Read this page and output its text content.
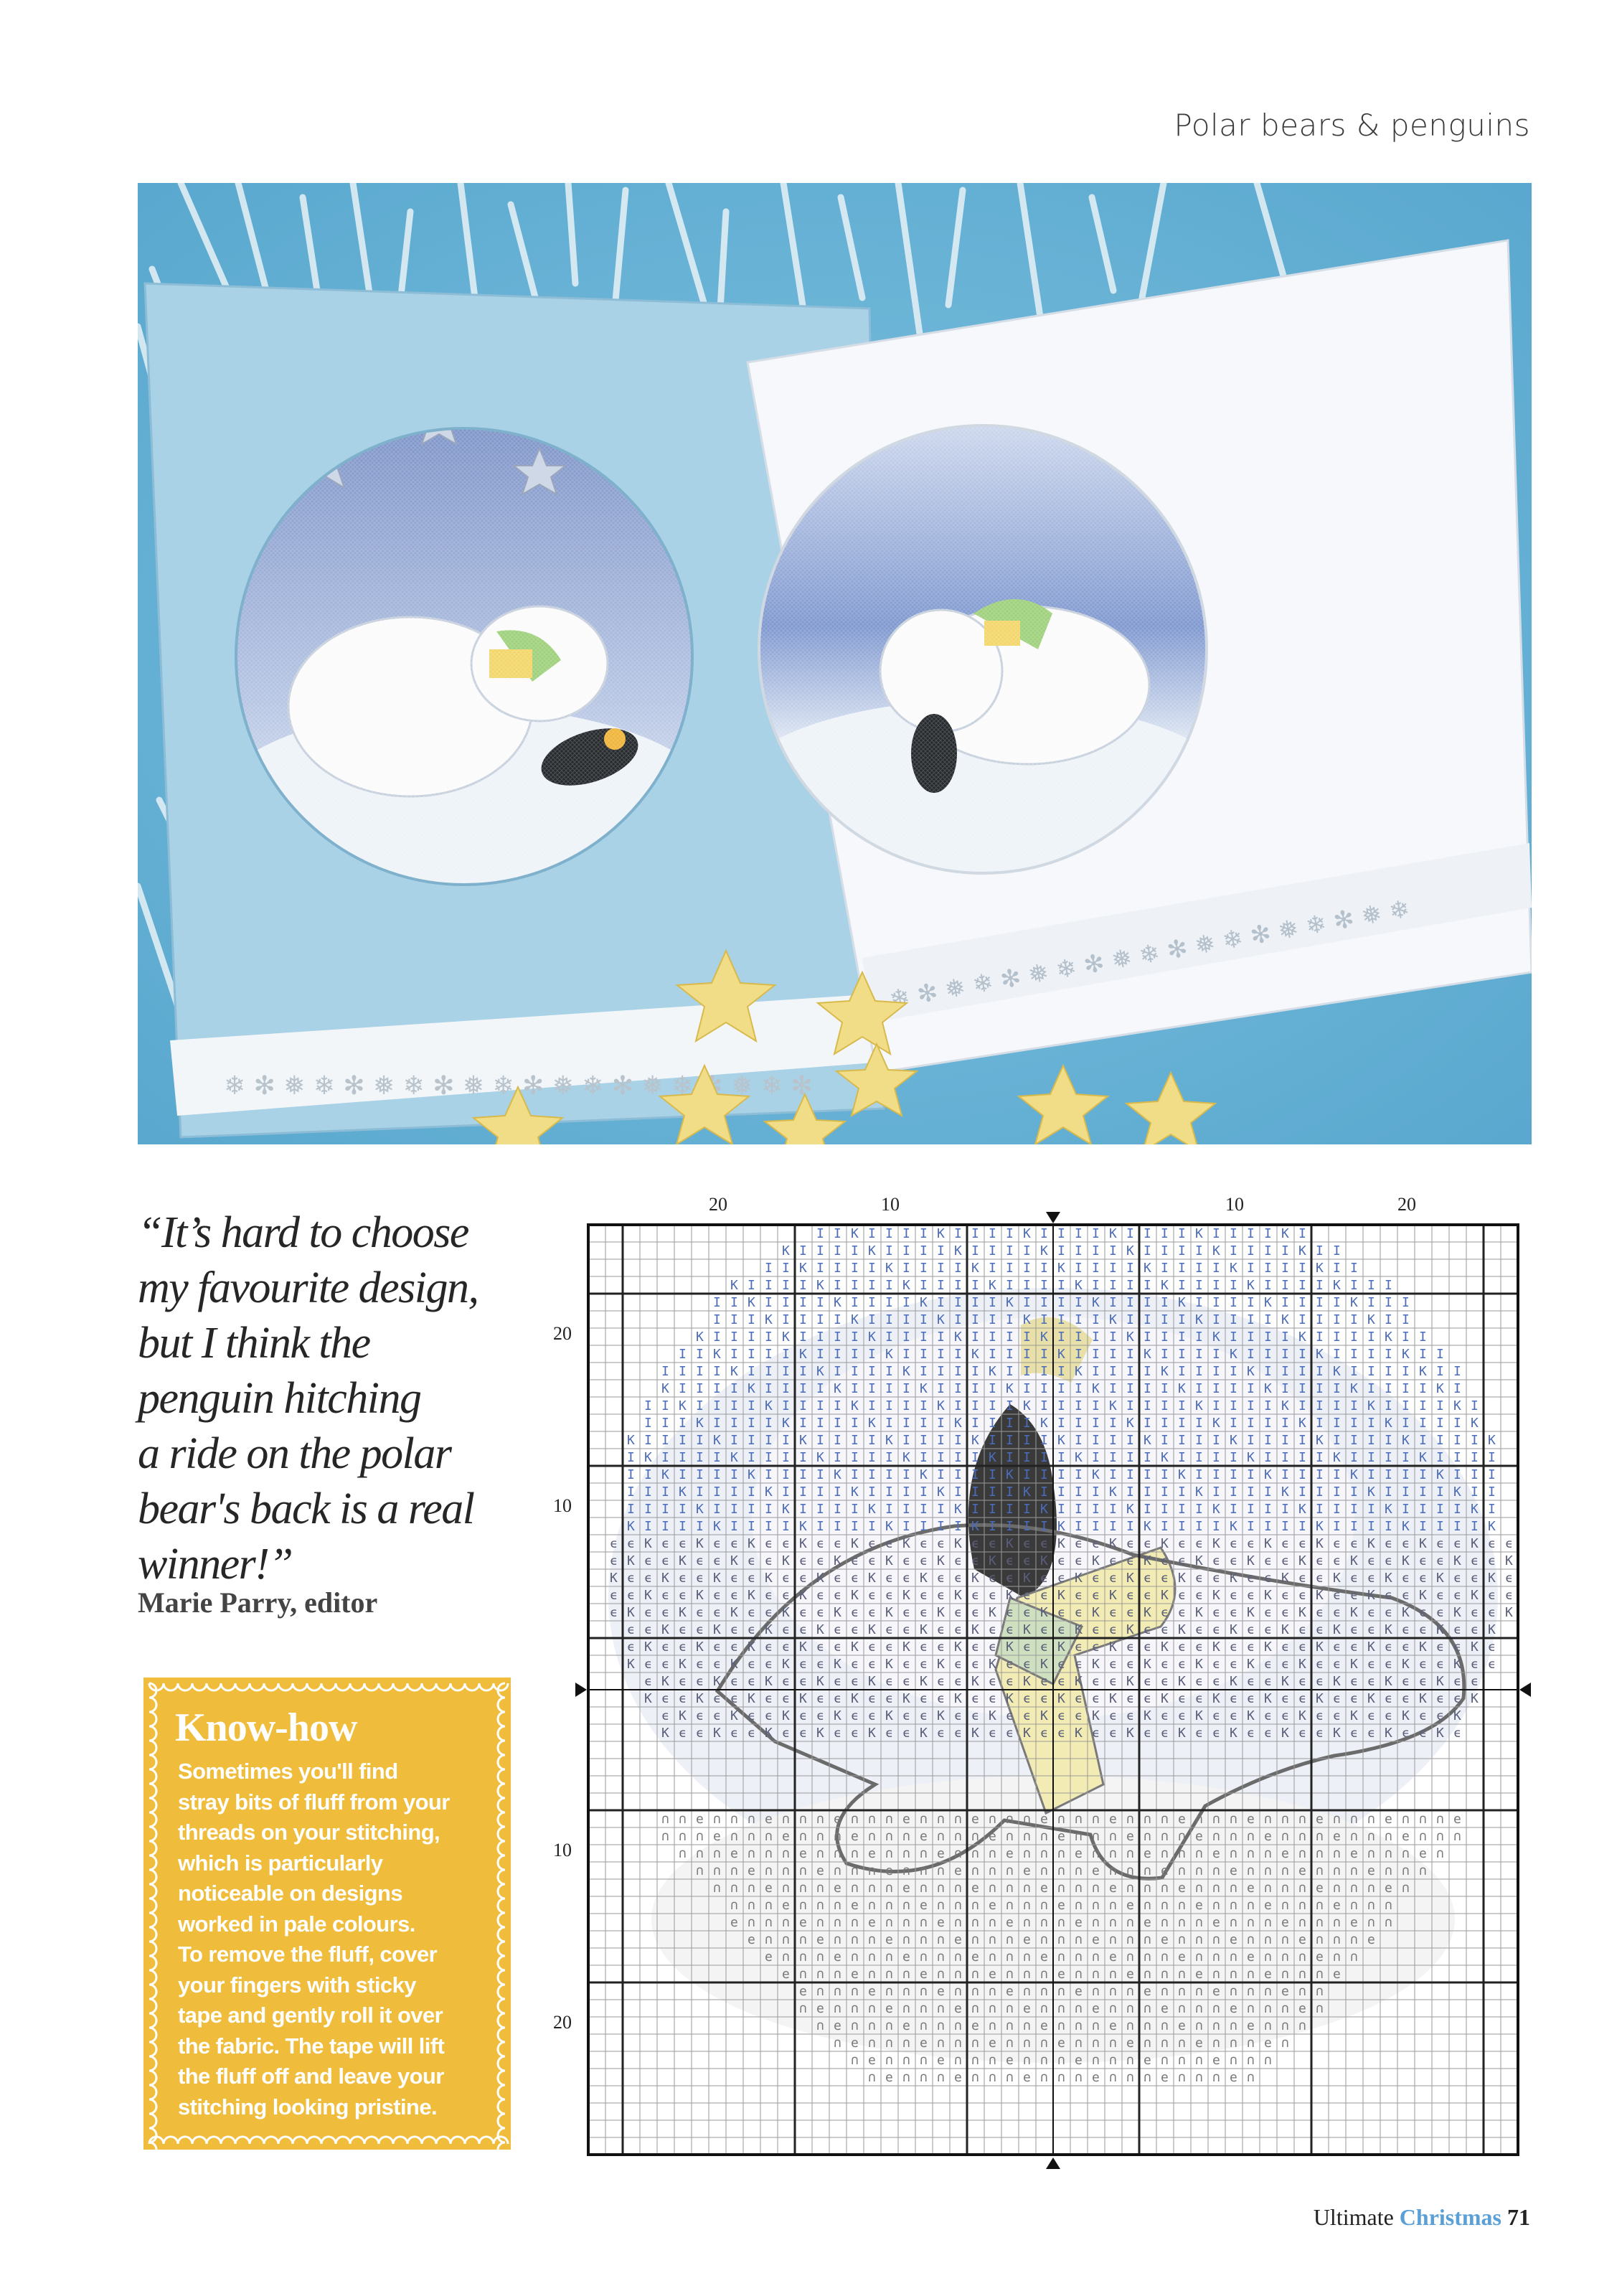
Polar bears & penguins
❄ ✻ ❅ ❄ ✻ ❅ ❄ ✻ ❅ ❄ ✻ ❅ ❄ ✻ ❅ ❄ ❅ ❄ ✻
❄ ✻ ❅ ❄ ✻ ❅ ❄ ✻ ❅ ❄ ✻ ❅ ❄ ✻ ❅ ❄ ✻ ❅ ❄
“It’s hard to choose
my favourite design,
but I think the
penguin hitching
a ride on the polar
bear's back is a real
winner!”
Marie Parry, editor
Know-how
Sometimes you'll find
stray bits of fluff from your
threads on your stitching,
which is particularly
noticeable on designs
worked in pale colours.
To remove the fluff, cover
your fingers with sticky
tape and gently roll it over
the fabric. The tape will lift
the fluff off and leave your
stitching looking pristine.
I I K I I I I K I I I I K I I I I K I I I I K I I I I K I
K I I I I K I I I I K I I I I K I I I I K I I I I K I I I I K I I
I I K I I I I K I I I I K I I I I K I I I I K I I I I K I I I I K I I
K I I I I K I I I I K I I I I K I I I I K I I I I K I I I I K I I I I K I I I
I I K I I I I K I I I I K I I I I K I I I I K I I I I K I I I I K I I I I K I I I
I I I K I I I I K I I I I K I I I I K I I I I K I I I I K I I I I K I I I I K I I
K I I I I K I I I I K I I I I K I I I I K I I I I K I I I I K I I I I K I I I I K I I
I I K I I I I K I I I I K I I I I K I I I I K I I I I K I I I I K I I I I K I I I I K I I
I I I I K I I I I K I I I I K I I I I K I I I I K I I I I K I I I I K I I I I K I I I I K I I
K I I I I K I I I I K I I I I K I I I I K I I I I K I I I I K I I I I K I I I I K I I I I K I
I I K I I I I K I I I I K I I I I K I I I I K I I I I K I I I I K I I I I K I I I I K I I I I K I
I I I K I I I I K I I I I K I I I I K I I I I K I I I I K I I I I K I I I I K I I I I K I I I I K
K I I I I K I I I I K I I I I K I I I I K I I I I K I I I I K I I I I K I I I I K I I I I K I I I I K
I K I I I I K I I I I K I I I I K I I I I K I I I I K I I I I K I I I I K I I I I K I I I I K I I I I
I I K I I I I K I I I I K I I I I K I I I I K I I I I K I I I I K I I I I K I I I I K I I I I K I I I
I I I K I I I I K I I I I K I I I I K I I I I K I I I I K I I I I K I I I I K I I I I K I I I I K I I
I I I I K I I I I K I I I I K I I I I K I I I I K I I I I K I I I I K I I I I K I I I I K I I I I K I
K I I I I K I I I I K I I I I K I I I I K I I I I K I I I I K I I I I K I I I I K I I I I K I I I I K
ϵ ϵ K ϵ ϵ K ϵ ϵ K ϵ ϵ K ϵ ϵ K ϵ ϵ K ϵ ϵ K ϵ ϵ K ϵ ϵ K ϵ ϵ K ϵ ϵ K ϵ ϵ K ϵ ϵ K ϵ ϵ K ϵ ϵ K ϵ ϵ K ϵ ϵ K ϵ ϵ
ϵ K ϵ ϵ K ϵ ϵ K ϵ ϵ K ϵ ϵ K ϵ ϵ K ϵ ϵ K ϵ ϵ K ϵ ϵ K ϵ ϵ K ϵ ϵ K ϵ ϵ K ϵ ϵ K ϵ ϵ K ϵ ϵ K ϵ ϵ K ϵ ϵ K ϵ ϵ K
K ϵ ϵ K ϵ ϵ K ϵ ϵ K ϵ ϵ K ϵ ϵ K ϵ ϵ K ϵ ϵ K ϵ ϵ K ϵ ϵ K ϵ ϵ K ϵ ϵ K ϵ ϵ K ϵ ϵ K ϵ ϵ K ϵ ϵ K ϵ ϵ K ϵ ϵ K ϵ
ϵ ϵ K ϵ ϵ K ϵ ϵ K ϵ ϵ K ϵ ϵ K ϵ ϵ K ϵ ϵ K ϵ ϵ K ϵ ϵ K ϵ ϵ K ϵ ϵ K ϵ ϵ K ϵ ϵ K ϵ ϵ K ϵ ϵ K ϵ ϵ K ϵ ϵ K ϵ ϵ
ϵ K ϵ ϵ K ϵ ϵ K ϵ ϵ K ϵ ϵ K ϵ ϵ K ϵ ϵ K ϵ ϵ K ϵ ϵ K ϵ ϵ K ϵ ϵ K ϵ ϵ K ϵ ϵ K ϵ ϵ K ϵ ϵ K ϵ ϵ K ϵ ϵ K ϵ ϵ K
ϵ ϵ K ϵ ϵ K ϵ ϵ K ϵ ϵ K ϵ ϵ K ϵ ϵ K ϵ ϵ K ϵ ϵ K ϵ ϵ K ϵ ϵ K ϵ ϵ K ϵ ϵ K ϵ ϵ K ϵ ϵ K ϵ ϵ K ϵ ϵ K ϵ ϵ K
ϵ K ϵ ϵ K ϵ ϵ K ϵ ϵ K ϵ ϵ K ϵ ϵ K ϵ ϵ K ϵ ϵ K ϵ ϵ K ϵ ϵ K ϵ ϵ K ϵ ϵ K ϵ ϵ K ϵ ϵ K ϵ ϵ K ϵ ϵ K ϵ ϵ K ϵ
K ϵ ϵ K ϵ ϵ K ϵ ϵ K ϵ ϵ K ϵ ϵ K ϵ ϵ K ϵ ϵ K ϵ ϵ K ϵ ϵ K ϵ ϵ K ϵ ϵ K ϵ ϵ K ϵ ϵ K ϵ ϵ K ϵ ϵ K ϵ ϵ K ϵ ϵ
ϵ K ϵ ϵ K ϵ ϵ K ϵ ϵ K ϵ ϵ K ϵ ϵ K ϵ ϵ K ϵ ϵ K ϵ ϵ K ϵ ϵ K ϵ ϵ K ϵ ϵ K ϵ ϵ K ϵ ϵ K ϵ ϵ K ϵ ϵ K ϵ ϵ
K ϵ ϵ K ϵ ϵ K ϵ ϵ K ϵ ϵ K ϵ ϵ K ϵ ϵ K ϵ ϵ K ϵ ϵ K ϵ ϵ K ϵ ϵ K ϵ ϵ K ϵ ϵ K ϵ ϵ K ϵ ϵ K ϵ ϵ K ϵ ϵ K
ϵ K ϵ ϵ K ϵ ϵ K ϵ ϵ K ϵ ϵ K ϵ ϵ K ϵ ϵ K ϵ ϵ K ϵ ϵ K ϵ ϵ K ϵ ϵ K ϵ ϵ K ϵ ϵ K ϵ ϵ K ϵ ϵ K ϵ ϵ K
K ϵ ϵ K ϵ ϵ K ϵ ϵ K ϵ ϵ K ϵ ϵ K ϵ ϵ K ϵ ϵ K ϵ ϵ K ϵ ϵ K ϵ ϵ K ϵ ϵ K ϵ ϵ K ϵ ϵ K ϵ ϵ K ϵ ϵ K ϵ
∩ ∩ e ∩ ∩ ∩ e ∩ ∩ ∩ e ∩ ∩ ∩ e ∩ ∩ ∩ e ∩ ∩ ∩ e ∩ ∩ ∩ e ∩ ∩ ∩ e ∩ ∩ ∩ e ∩ ∩ ∩ e ∩ ∩ ∩ e ∩ ∩ ∩ e
∩ ∩ ∩ e ∩ ∩ ∩ e ∩ ∩ ∩ e ∩ ∩ ∩ e ∩ ∩ ∩ e ∩ ∩ ∩ e ∩ ∩ ∩ e ∩ ∩ ∩ e ∩ ∩ ∩ e ∩ ∩ ∩ e ∩ ∩ ∩ e ∩ ∩ ∩
∩ ∩ ∩ e ∩ ∩ ∩ e ∩ ∩ ∩ e ∩ ∩ ∩ e ∩ ∩ ∩ e ∩ ∩ ∩ e ∩ ∩ ∩ e ∩ ∩ ∩ e ∩ ∩ ∩ e ∩ ∩ ∩ e ∩ ∩ ∩ e ∩
∩ ∩ ∩ e ∩ ∩ ∩ e ∩ ∩ ∩ e ∩ ∩ ∩ e ∩ ∩ ∩ e ∩ ∩ ∩ e ∩ ∩ ∩ e ∩ ∩ ∩ e ∩ ∩ ∩ e ∩ ∩ ∩ e ∩ ∩ ∩
∩ ∩ ∩ e ∩ ∩ ∩ e ∩ ∩ ∩ e ∩ ∩ ∩ e ∩ ∩ ∩ e ∩ ∩ ∩ e ∩ ∩ ∩ e ∩ ∩ ∩ e ∩ ∩ ∩ e ∩ ∩ ∩ e ∩
∩ ∩ ∩ e ∩ ∩ ∩ e ∩ ∩ ∩ e ∩ ∩ ∩ e ∩ ∩ ∩ e ∩ ∩ ∩ e ∩ ∩ ∩ e ∩ ∩ ∩ e ∩ ∩ ∩ e ∩ ∩ ∩
e ∩ ∩ ∩ e ∩ ∩ ∩ e ∩ ∩ ∩ e ∩ ∩ ∩ e ∩ ∩ ∩ e ∩ ∩ ∩ e ∩ ∩ ∩ e ∩ ∩ ∩ e ∩ ∩ ∩ e ∩ ∩
e ∩ ∩ ∩ e ∩ ∩ ∩ e ∩ ∩ ∩ e ∩ ∩ ∩ e ∩ ∩ ∩ e ∩ ∩ ∩ e ∩ ∩ ∩ e ∩ ∩ ∩ e ∩ ∩ ∩ e
e ∩ ∩ ∩ e ∩ ∩ ∩ e ∩ ∩ ∩ e ∩ ∩ ∩ e ∩ ∩ ∩ e ∩ ∩ ∩ e ∩ ∩ ∩ e ∩ ∩ ∩ e ∩ ∩
e ∩ ∩ ∩ e ∩ ∩ ∩ e ∩ ∩ ∩ e ∩ ∩ ∩ e ∩ ∩ ∩ e ∩ ∩ ∩ e ∩ ∩ ∩ e ∩ ∩ ∩ e
e ∩ ∩ ∩ e ∩ ∩ ∩ e ∩ ∩ ∩ e ∩ ∩ ∩ e ∩ ∩ ∩ e ∩ ∩ ∩ e ∩ ∩ ∩ e ∩ ∩
∩ e ∩ ∩ ∩ e ∩ ∩ ∩ e ∩ ∩ ∩ e ∩ ∩ ∩ e ∩ ∩ ∩ e ∩ ∩ ∩ e ∩ ∩ ∩ e ∩
∩ e ∩ ∩ ∩ e ∩ ∩ ∩ e ∩ ∩ ∩ e ∩ ∩ ∩ e ∩ ∩ ∩ e ∩ ∩ ∩ e ∩ ∩ ∩
∩ e ∩ ∩ ∩ e ∩ ∩ ∩ e ∩ ∩ ∩ e ∩ ∩ ∩ e ∩ ∩ ∩ e ∩ ∩ ∩ e ∩
∩ e ∩ ∩ ∩ e ∩ ∩ ∩ e ∩ ∩ ∩ e ∩ ∩ ∩ e ∩ ∩ ∩ e ∩ ∩ ∩
∩ e ∩ ∩ ∩ e ∩ ∩ ∩ e ∩ ∩ ∩ e ∩ ∩ ∩ e ∩ ∩ ∩ e ∩
20	10	10	20
20
10
10
20
Ultimate Christmas 71
